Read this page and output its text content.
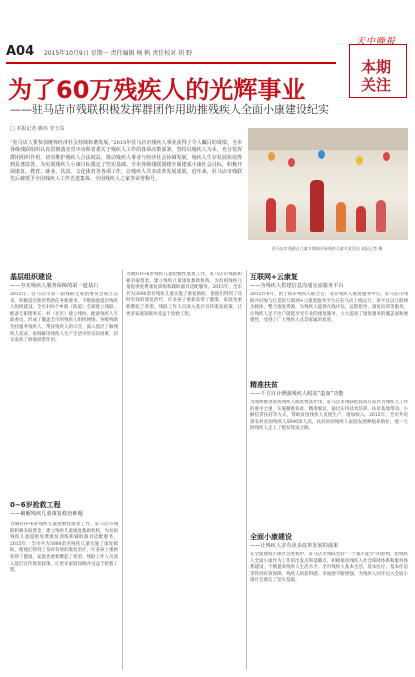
A04 2015年10月9日 星期一 责任编辑 杨 帆 责任校对 胡 野
天中晚报
本期
关注
为了60万残疾人的光辉事业
——驻马店市残联积极发挥群团作用助推残疾人全面小康建设纪实
□ 本报记者 姚伟 李玉东
“驻马店人要参加统筹经济社会持续和谐发展。”2015年驻马店市残疾人事业获得了令人瞩目的成绩。全市各级残联组织认真贯彻落实党中央和省委关于残疾人工作的各项决策部署，坚持以残疾人为本，充分发挥群团组织作用，切实维护残疾人合法权益，推动残疾人事业与经济社会协调发展，残疾人生存发展状况得到显著改善，为实现残疾人小康目标奠定了坚实基础。全市各级残联围绕全面建成小康社会目标，积极开展康复、教育、就业、扶贫、文化体育等各项工作，让残疾人共享改革发展成果。近年来，驻马店市残联先后被授予全国残疾人工作先进集体、全国残疾人之家等荣誉称号。
驻马店市残联在儿童节期间开展残疾儿童关爱活动 本报记者 摄
基层组织建设
——夯实残疾人服务保障的第一道基石
2015年，驻马店市第一届残联主席团委员会成立以来，积极适应新形势新任务新要求，不断加强基层残疾人组织建设。全市193个乡镇（街道）全部建立残联，配备专职理事长，村（社区）建立残协，配备残疾人专职委员，形成了覆盖全市的残疾人组织网络。各级残联坚持服务残疾人、帮扶残疾人的宗旨，深入基层了解残疾人需求，协调解决残疾人生产生活中的实际困难，切实发挥了桥梁纽带作用。
0~6岁抢救工程
——破解残疾儿童康复救治难题
为做好0~6岁残疾儿童抢救性康复工作，驻马店市残联积极争取资金，建立残疾儿童康复救助机构，为贫困残疾儿童提供免费康复训练和辅助器具适配服务。2015年，全市共为3000余名残疾儿童实施了康复救助，使他们得到了及时有效的康复治疗，许多孩子重新获得了健康，家庭也重新燃起了希望。残联工作人员深入基层宣传康复政策，让更多家庭知晓并受益于抢救工程。
为做好0~6岁残疾儿童抢救性康复工作，驻马店市残联积极争取资金，建立残疾儿童康复救助机构，为贫困残疾儿童提供免费康复训练和辅助器具适配服务。2015年，全市共为3000余名残疾儿童实施了康复救助，使他们得到了及时有效的康复治疗，许多孩子重新获得了健康，家庭也重新燃起了希望。残联工作人员深入基层宣传康复政策，让更多家庭知晓并受益于抢救工程。
互联网+云康复
——为残疾人搭建信息沟通交流服务平台
2015年4月，由上海市残疾人联合会、北京残疾人康复服务中心、驻马店市残联共同参与打造的互联网+云康复服务平台在驻马店上线运行。该平台以互联网为载体，整合康复资源，为残疾人提供在线评估、远程指导、康复培训等服务，让残疾人足不出户就能享受专业的康复服务，大大提高了康复服务的覆盖面和便捷性，受到了广大残疾人及其家属的欢迎。
精准扶贫
——千方百计增强残疾人脱贫“造血”功能
为加快推进贫困残疾人脱贫致富步伐，驻马店市残联把扶贫开发作为残疾人工作的重中之重，实施精准扶贫、精准脱贫，通过实用技术培训、扶贫基地带动、小额信贷扶持等方式，帮助贫困残疾人发展生产、增加收入。2015年，全市共培训农村贫困残疾人5000余人次，扶持贫困残疾人家庭发展种植养殖业，使一大批残疾人走上了脱贫致富之路。
全面小康建设
——让残疾人享有更多改革发展的成果
在全面建成小康社会进程中，驻马店市残联坚持“一个都不能少”的原则，把残疾人全面小康作为工作的出发点和落脚点，积极推动残疾人社会保障体系和服务体系建设，不断提高残疾人生活水平。全市残疾人基本生活、基本医疗、基本住房等得到有效保障，残疾人的获得感、幸福感不断增强，为残疾人同步迈入全面小康社会奠定了坚实基础。
